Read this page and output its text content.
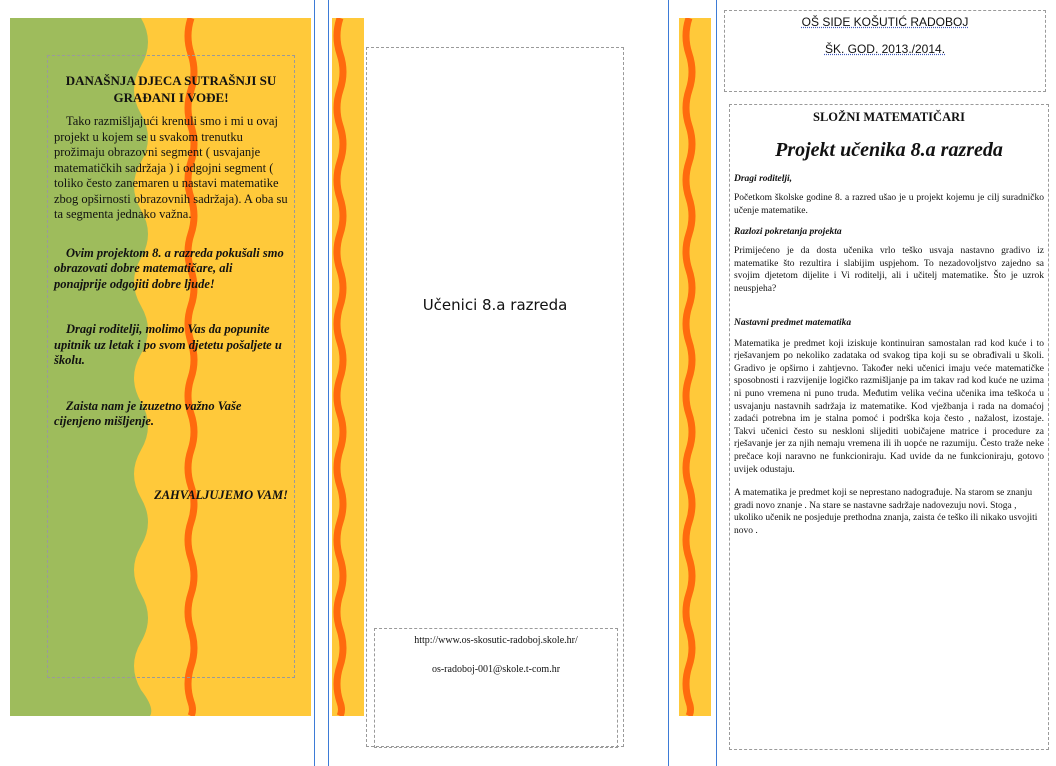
DANAŠNJA DJECA SUTRAŠNJI SU GRAĐANI I VOĐE!

Tako razmišljajući krenuli smo i mi u ovaj projekt u kojem se u svakom trenutku prožimaju obrazovni segment ( usvajanje matematičkih sadržaja ) i odgojni segment ( toliko često zanemaren u nastavi matematike zbog opširnosti obrazovnih sadržaja). A oba su ta segmenta jednako važna.

Ovim projektom 8. a razreda pokušali smo obrazovati dobre matematičare, ali ponajprije odgojiti dobre ljude!

Dragi roditelji, molimo Vas da popunite upitnik uz letak i po svom djetetu pošaljete u školu.

Zaista nam je izuzetno važno Vaše cijenjeno mišljenje.

ZAHVALJUJEMO VAM!

Učenici 8.a razreda
http://www.os-skosutic-radoboj.skole.hr/
os-radoboj-001@skole.t-com.hr
OŠ SIDE KOŠUTIĆ RADOBOJ
ŠK. GOD. 2013./2014.
SLOŽNI MATEMATIČARI
Projekt učenika 8.a razreda
Dragi roditelji,

Početkom školske godine 8. a razred ušao je u projekt kojemu je cilj suradničko učenje matematike.

Razlozi pokretanja projekta

Primijećeno je da dosta učenika vrlo teško usvaja nastavno gradivo iz matematike što rezultira i slabijim uspjehom. To nezadovoljstvo zajedno sa svojim djetetom dijelite i Vi roditelji, ali i učitelj matematike. Što je uzrok neuspjeha?

Nastavni predmet matematika

Matematika je predmet koji iziskuje kontinuiran samostalan rad kod kuće i to rješavanjem po nekoliko zadataka od svakog tipa koji su se obrađivali u školi. Gradivo je opširno i zahtjevno. Također neki učenici imaju veće matematičke sposobnosti i razvijenije logičko razmišljanje pa im takav rad kod kuće ne uzima ni puno vremena ni puno truda. Međutim velika većina učenika ima teškoća u usvajanju nastavnih sadržaja iz matematike. Kod vježbanja i rada na domaćoj zadaći potrebna im je stalna pomoć i podrška koja često , nažalost, izostaje. Takvi učenici često su neskloni slijediti uobičajene matrice i procedure za rješavanje jer za njih nemaju vremena ili ih uopće ne razumiju. Često traže neke prečace koji naravno ne funkcioniraju. Kad uvide da ne funkcioniraju, gotovo uvijek odustaju.

A matematika je predmet koji se neprestano nadograđuje. Na starom se znanju gradi novo znanje . Na stare se nastavne sadržaje nadovezuju novi. Stoga , ukoliko učenik ne posjeduje prethodna znanja, zaista će teško ili nikako usvojiti novo .
